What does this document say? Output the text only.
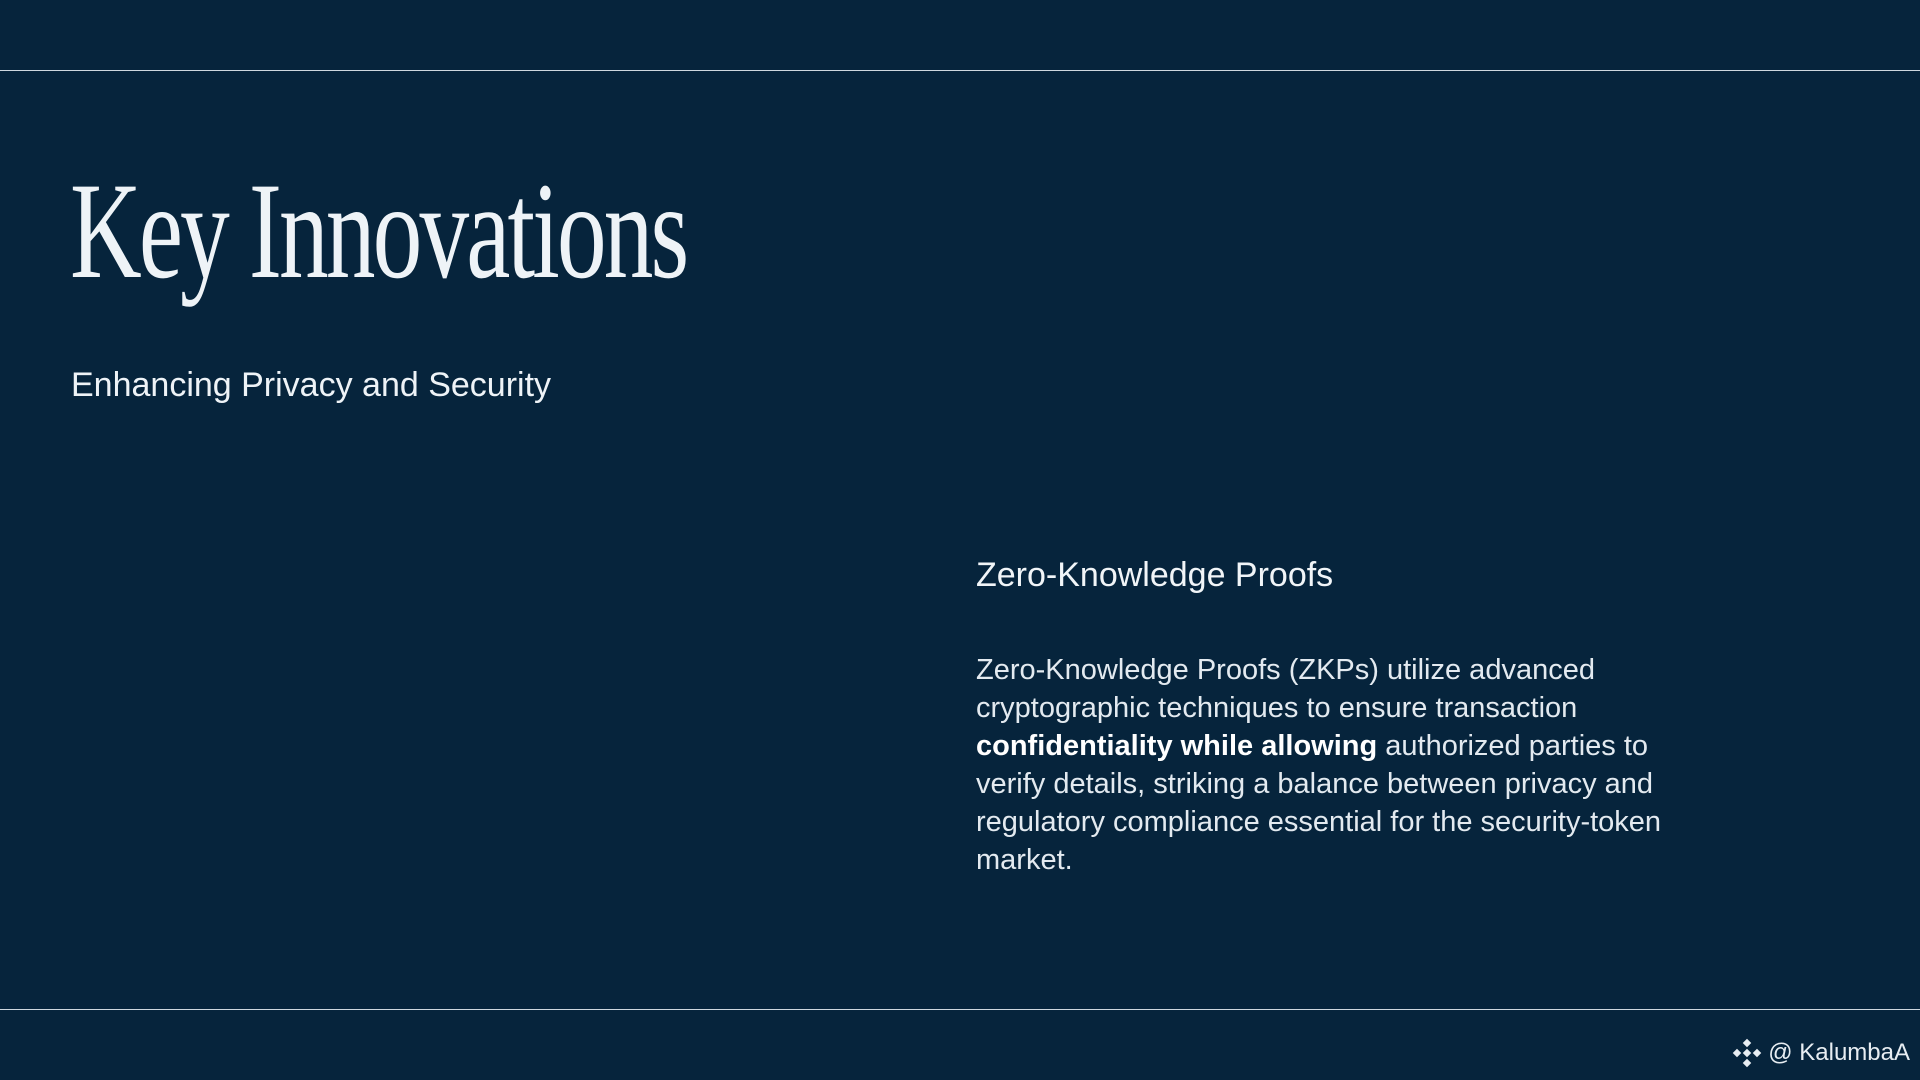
Key Innovations
Enhancing Privacy and Security
Zero-Knowledge Proofs
Zero-Knowledge Proofs (ZKPs) utilize advanced cryptographic techniques to ensure transaction confidentiality while allowing authorized parties to verify details, striking a balance between privacy and regulatory compliance essential for the security-token market.
@ KalumbaA
